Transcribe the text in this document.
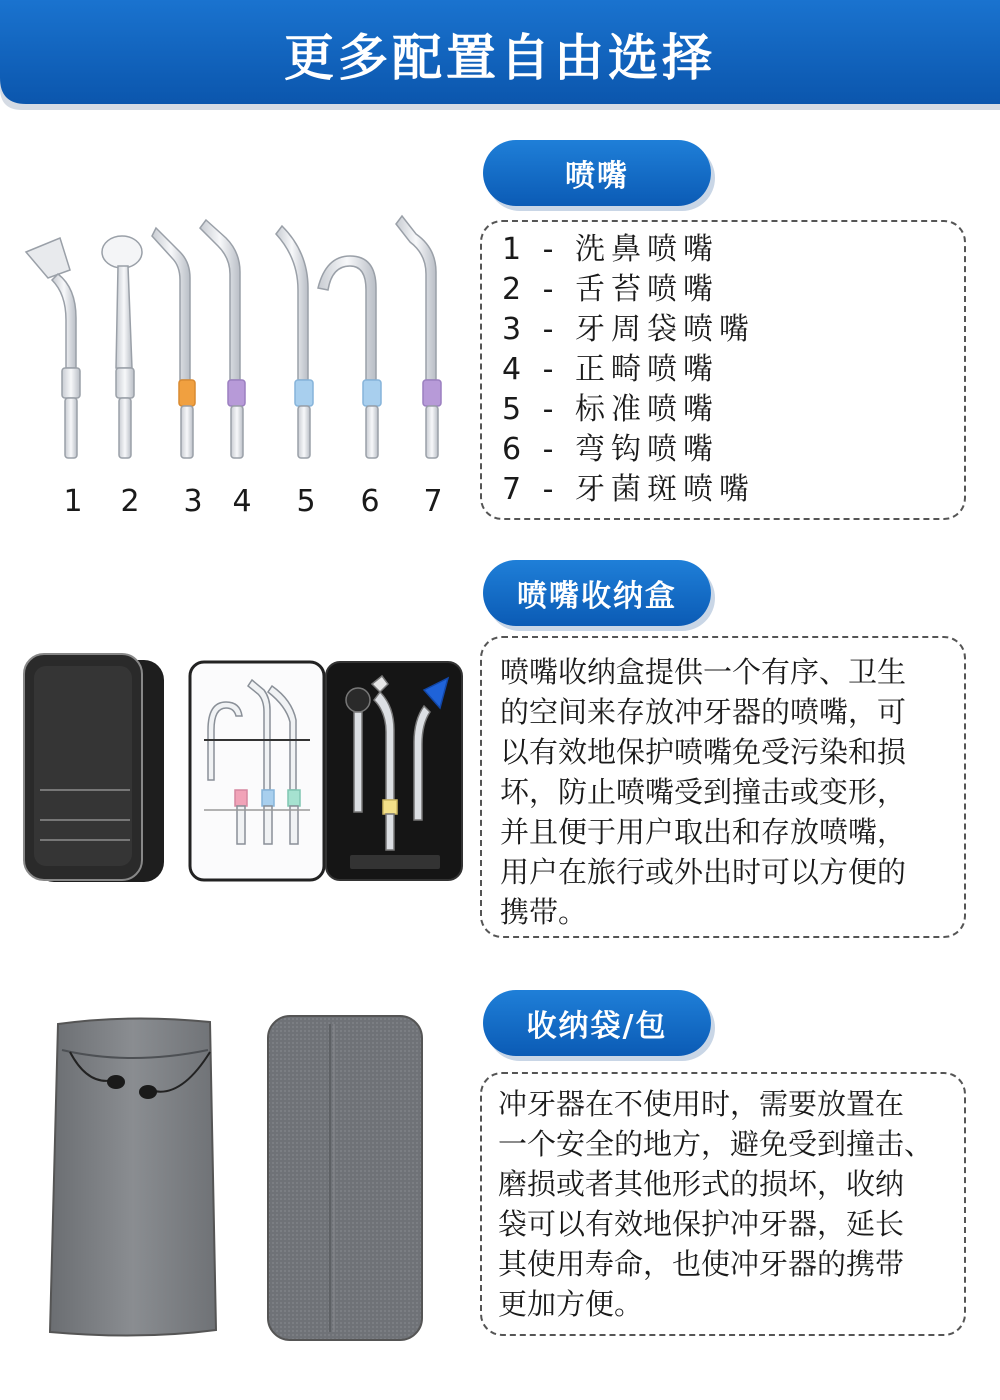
更多配置自由选择
喷嘴
1 2 3 4 5 6 7
1 - 洗鼻喷嘴
2 - 舌苔喷嘴
3 - 牙周袋喷嘴
4 - 正畸喷嘴
5 - 标准喷嘴
6 - 弯钩喷嘴
7 - 牙菌斑喷嘴
喷嘴收纳盒

喷嘴收纳盒提供一个有序、卫生

的空间来存放冲牙器的喷嘴，可

以有效地保护喷嘴免受污染和损

坏，防止喷嘴受到撞击或变形，

并且便于用户取出和存放喷嘴，

用户在旅行或外出时可以方便的

携带。

收纳袋/包

冲牙器在不使用时，需要放置在

一个安全的地方，避免受到撞击、

磨损或者其他形式的损坏，收纳

袋可以有效地保护冲牙器，延长

其使用寿命，也使冲牙器的携带

更加方便。
